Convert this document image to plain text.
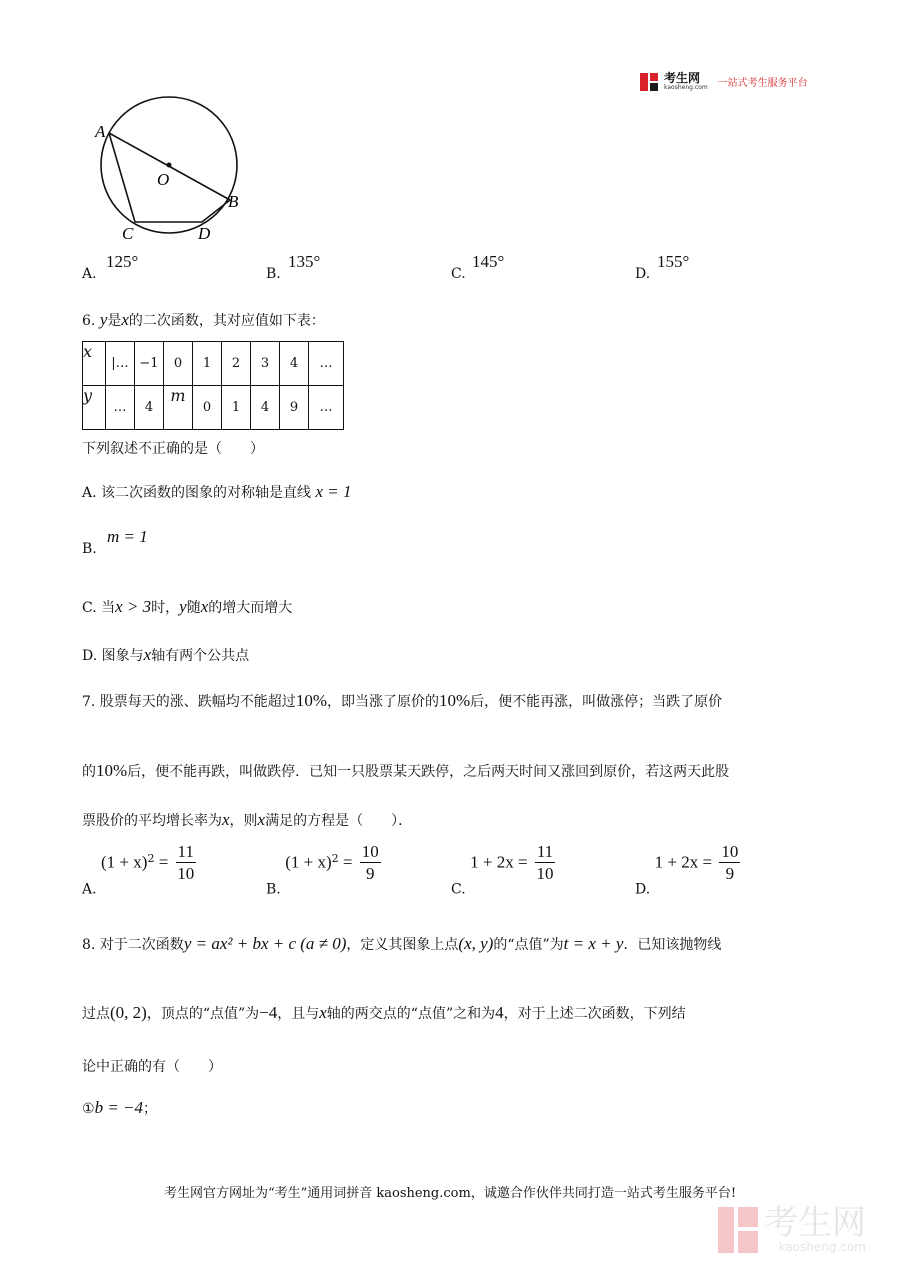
考生网
kaosheng.com 一站式考生服务平台
A
O
B
C	D
A.
125°
B.
135°
C.
145°
D.
155°
6. y是x的二次函数，其对应值如下表：
x	|…	−1	0	1	2	3	4	…
y	…	4	m	0	1	4	9	…
下列叙述不正确的是（　　）
A. 该二次函数的图象的对称轴是直线 x = 1
B.
m = 1
C. 当x > 3时，y随x的增大而增大
D. 图象与x轴有两个公共点
7. 股票每天的涨、跌幅均不能超过10%，即当涨了原价的10%后，便不能再涨，叫做涨停；当跌了原价
的10%后，便不能再跌，叫做跌停．已知一只股票某天跌停，之后两天时间又涨回到原价，若这两天此股
票股价的平均增长率为x，则x满足的方程是（　　）．
A. $(1 + x)^2 = \frac{11}{10}$
B. $(1 + x)^2 = \frac{10}{9}$
C. $1 + 2x = \frac{11}{10}$
D. $1 + 2x = \frac{10}{9}$
8. 对于二次函数y = ax² + bx + c (a ≠ 0)，定义其图象上点(x, y)的“点值”为t = x + y．已知该抛物线
过点(0, 2)，顶点的“点值”为−4，且与x轴的两交点的“点值”之和为4，对于上述二次函数，下列结
论中正确的有（　　）
①b = −4；
考生网官方网址为“考生”通用词拼音 kaosheng.com，诚邀合作伙伴共同打造一站式考生服务平台!
考生网
kaosheng.com
